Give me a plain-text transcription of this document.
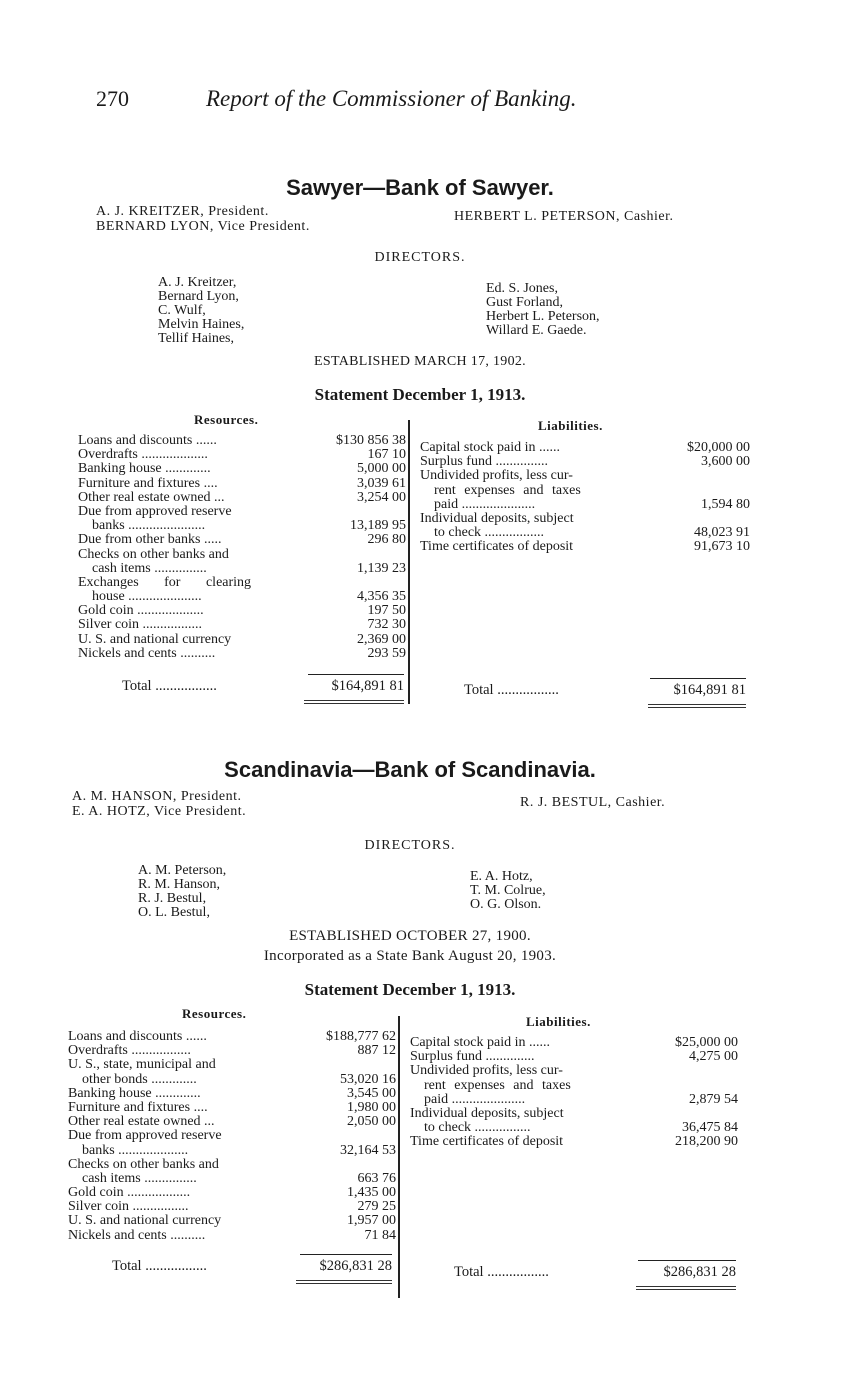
270	Report of the Commissioner of Banking.
Sawyer—Bank of Sawyer.
A. J. KREITZER, President.
BERNARD LYON, Vice President.
HERBERT L. PETERSON, Cashier.
DIRECTORS.
A. J. Kreitzer,
Bernard Lyon,
C. Wulf,
Melvin Haines,
Tellif Haines,
Ed. S. Jones,
Gust Forland,
Herbert L. Peterson,
Willard E. Gaede.
ESTABLISHED MARCH 17, 1902.
Statement December 1, 1913.
Resources.	Liabilities.
Loans and discounts ......	$130 856 38
Overdrafts ...................	167 10
Banking house .............	5,000 00
Furniture and fixtures ....	3,039 61
Other real estate owned ...	3,254 00
Due from approved reserve
banks ......................	13,189 95
Due from other banks .....	296 80
Checks on other banks and
cash items ...............	1,139 23
Exchanges for clearing
house .....................	4,356 35
Gold coin ...................	197 50
Silver coin .................	732 30
U. S. and national currency	2,369 00
Nickels and cents ..........	293 59
Capital stock paid in ......	$20,000 00
Surplus fund ...............	3,600 00
Undivided profits, less cur-
rent expenses and taxes
paid .....................	1,594 80
Individual deposits, subject
to check .................	48,023 91
Time certificates of deposit	91,673 10
Total .................	$164,891 81	Total .................	$164,891 81
Scandinavia—Bank of Scandinavia.
A. M. HANSON, President.
E. A. HOTZ, Vice President.
R. J. BESTUL, Cashier.
DIRECTORS.
A. M. Peterson,
R. M. Hanson,
R. J. Bestul,
O. L. Bestul,
E. A. Hotz,
T. M. Colrue,
O. G. Olson.
ESTABLISHED OCTOBER 27, 1900.
Incorporated as a State Bank August 20, 1903.
Statement December 1, 1913.
Resources.
Liabilities.
Loans and discounts ......	$188,777 62
Overdrafts .................	887 12
U. S., state, municipal and
other bonds .............	53,020 16
Banking house .............	3,545 00
Furniture and fixtures ....	1,980 00
Other real estate owned ...	2,050 00
Due from approved reserve
banks ....................	32,164 53
Checks on other banks and
cash items ...............	663 76
Gold coin ..................	1,435 00
Silver coin ................	279 25
U. S. and national currency	1,957 00
Nickels and cents ..........	71 84
Capital stock paid in ......	$25,000 00
Surplus fund ..............	4,275 00
Undivided profits, less cur-
rent expenses and taxes
paid .....................	2,879 54
Individual deposits, subject
to check ................	36,475 84
Time certificates of deposit	218,200 90
Total .................	$286,831 28	Total .................	$286,831 28
